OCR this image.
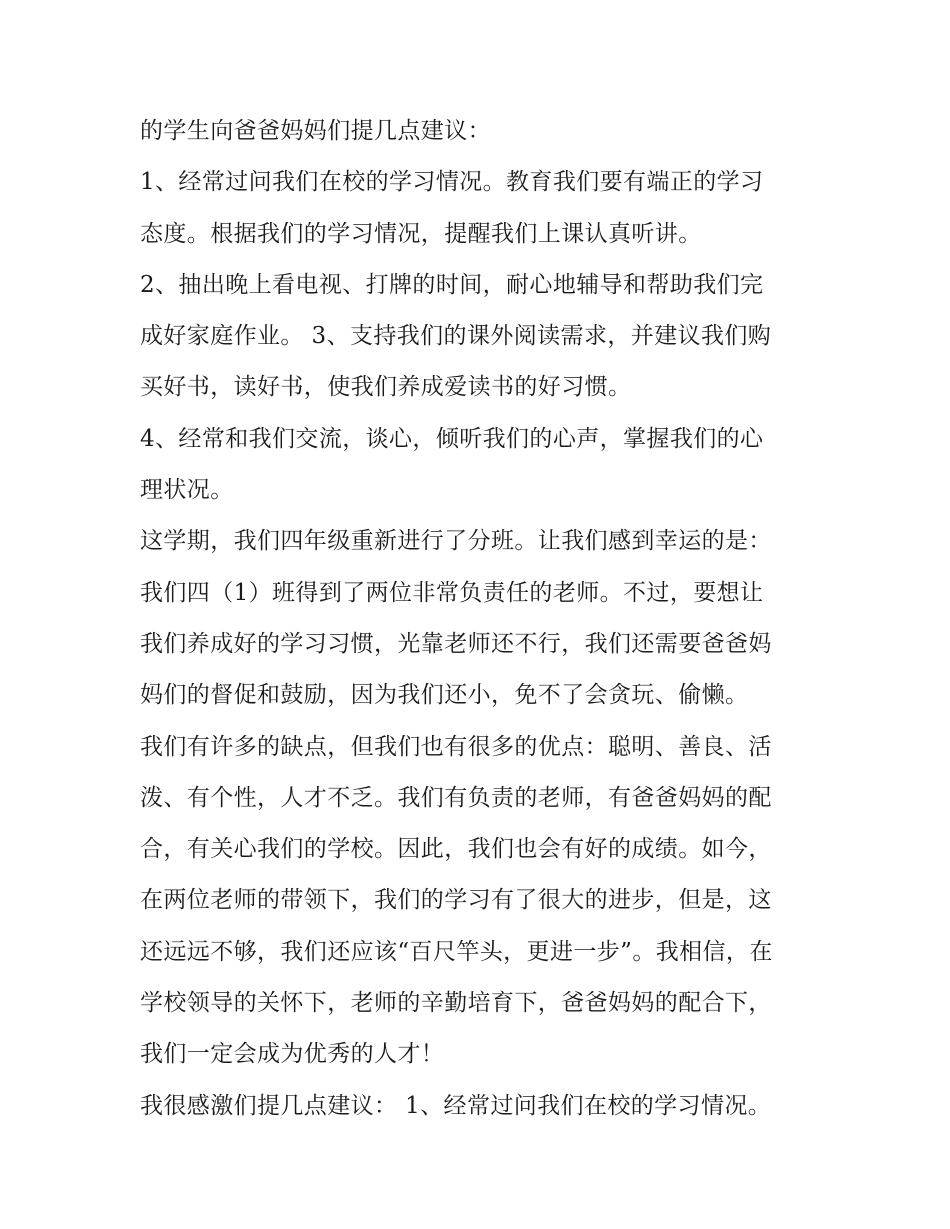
的学生向爸爸妈妈们提几点建议：
1、经常过问我们在校的学习情况。教育我们要有端正的学习
态度。根据我们的学习情况，提醒我们上课认真听讲。
2、抽出晚上看电视、打牌的时间，耐心地辅导和帮助我们完
成好家庭作业。 3、支持我们的课外阅读需求，并建议我们购
买好书，读好书，使我们养成爱读书的好习惯。
4、经常和我们交流，谈心，倾听我们的心声，掌握我们的心
理状况。
这学期，我们四年级重新进行了分班。让我们感到幸运的是：
我们四（1）班得到了两位非常负责任的老师。不过，要想让
我们养成好的学习习惯，光靠老师还不行，我们还需要爸爸妈
妈们的督促和鼓励，因为我们还小，免不了会贪玩、偷懒。
我们有许多的缺点，但我们也有很多的优点：聪明、善良、活
泼、有个性，人才不乏。我们有负责的老师，有爸爸妈妈的配
合，有关心我们的学校。因此，我们也会有好的成绩。如今，
在两位老师的带领下，我们的学习有了很大的进步，但是，这
还远远不够，我们还应该“百尺竿头，更进一步”。我相信，在
学校领导的关怀下，老师的辛勤培育下，爸爸妈妈的配合下，
我们一定会成为优秀的人才！
我很感激们提几点建议： 1、经常过问我们在校的学习情况。
